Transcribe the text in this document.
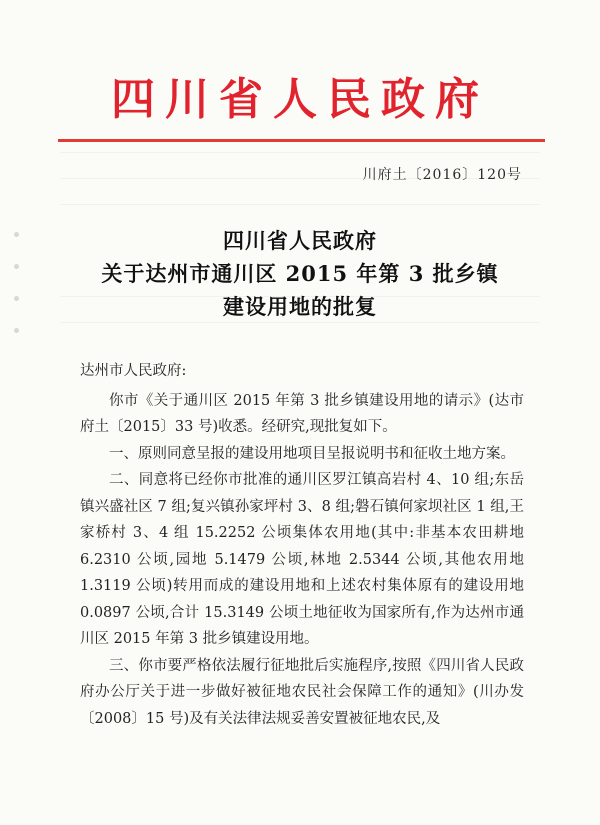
四川省人民政府
川府土〔2016〕120号
四川省人民政府
关于达州市通川区 2015 年第 3 批乡镇
建设用地的批复

达州市人民政府:

你市《关于通川区 2015 年第 3 批乡镇建设用地的请示》(达市府土〔2015〕33 号)收悉。经研究,现批复如下。

一、原则同意呈报的建设用地项目呈报说明书和征收土地方案。

二、同意将已经你市批准的通川区罗江镇高岩村 4、10 组;东岳镇兴盛社区 7 组;复兴镇孙家坪村 3、8 组;磐石镇何家坝社区 1 组,王家桥村 3、4 组 15.2252 公顷集体农用地(其中:非基本农田耕地 6.2310 公顷,园地 5.1479 公顷,林地 2.5344 公顷,其他农用地 1.3119 公顷)转用而成的建设用地和上述农村集体原有的建设用地 0.0897 公顷,合计 15.3149 公顷土地征收为国家所有,作为达州市通川区 2015 年第 3 批乡镇建设用地。

三、你市要严格依法履行征地批后实施程序,按照《四川省人民政府办公厅关于进一步做好被征地农民社会保障工作的通知》(川办发〔2008〕15 号)及有关法律法规妥善安置被征地农民,及
